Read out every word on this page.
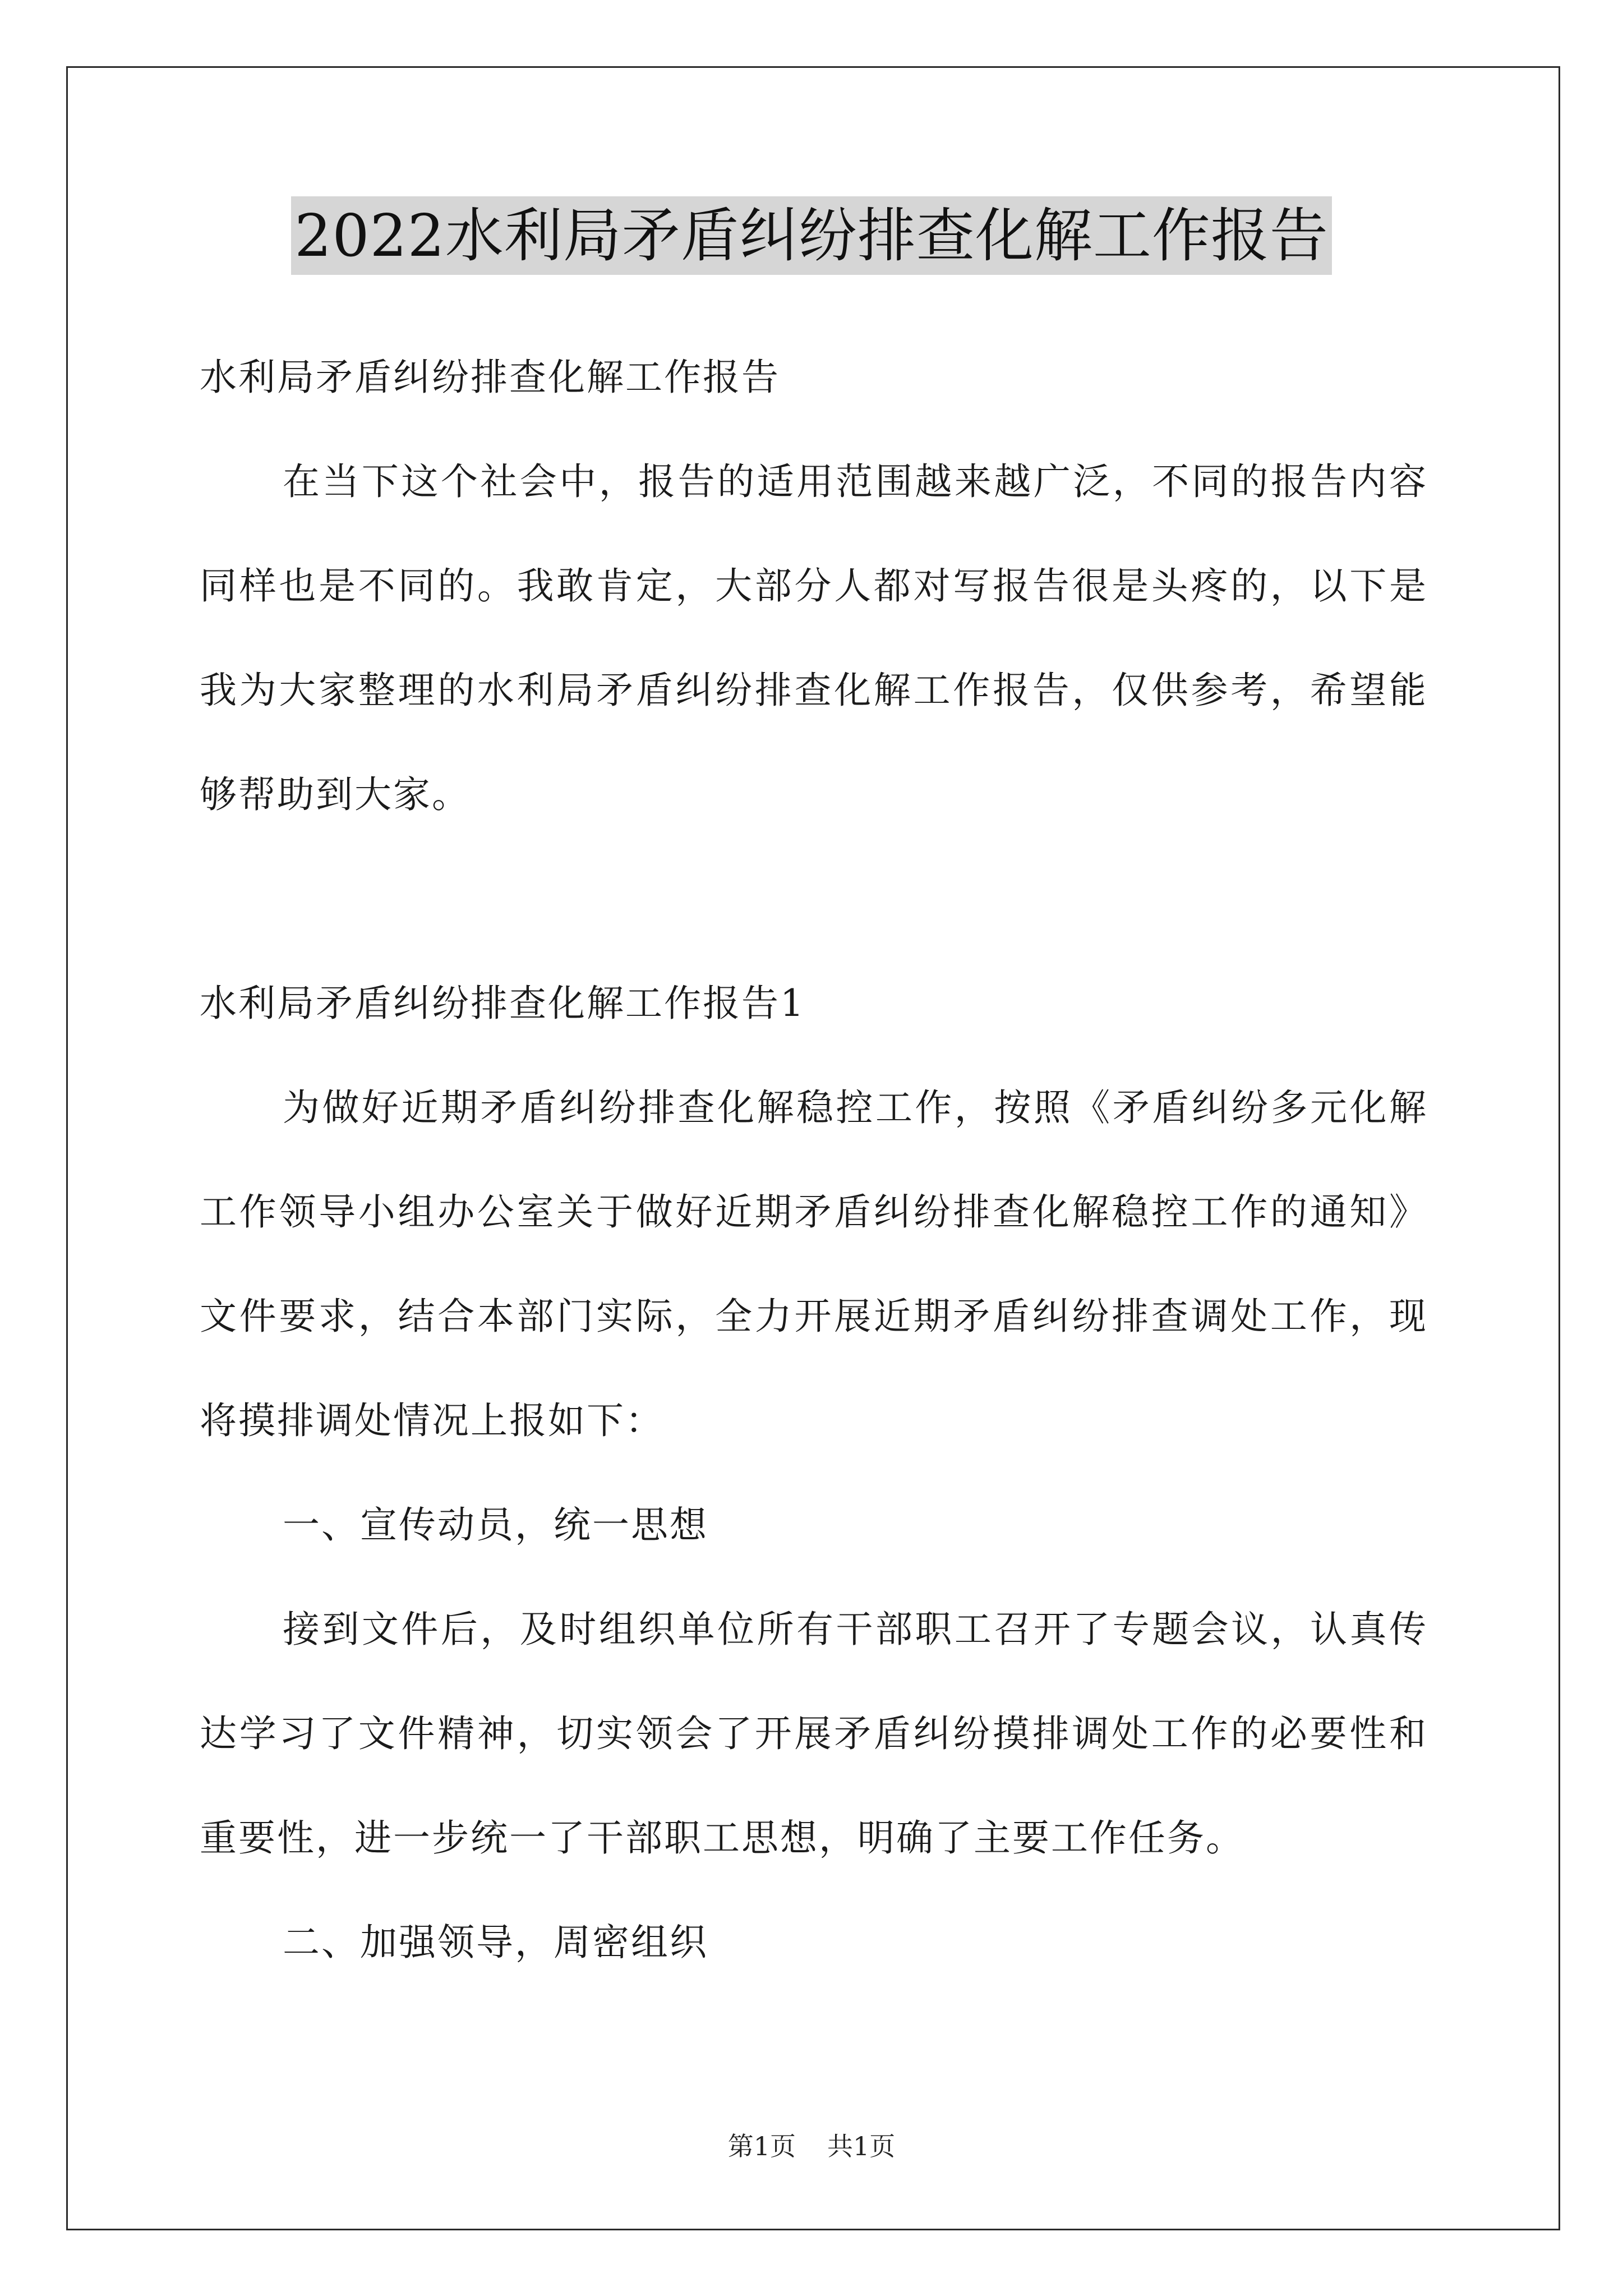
2022水利局矛盾纠纷排查化解工作报告

水利局矛盾纠纷排查化解工作报告

在当下这个社会中，报告的适用范围越来越广泛，不同的报告内容同样也是不同的。我敢肯定，大部分人都对写报告很是头疼的，以下是我为大家整理的水利局矛盾纠纷排查化解工作报告，仅供参考，希望能够帮助到大家。

水利局矛盾纠纷排查化解工作报告1

为做好近期矛盾纠纷排查化解稳控工作，按照《矛盾纠纷多元化解工作领导小组办公室关于做好近期矛盾纠纷排查化解稳控工作的通知》文件要求，结合本部门实际，全力开展近期矛盾纠纷排查调处工作，现将摸排调处情况上报如下：

一、宣传动员，统一思想

接到文件后，及时组织单位所有干部职工召开了专题会议，认真传达学习了文件精神，切实领会了开展矛盾纠纷摸排调处工作的必要性和重要性，进一步统一了干部职工思想，明确了主要工作任务。

二、加强领导，周密组织

第1页 共1页
